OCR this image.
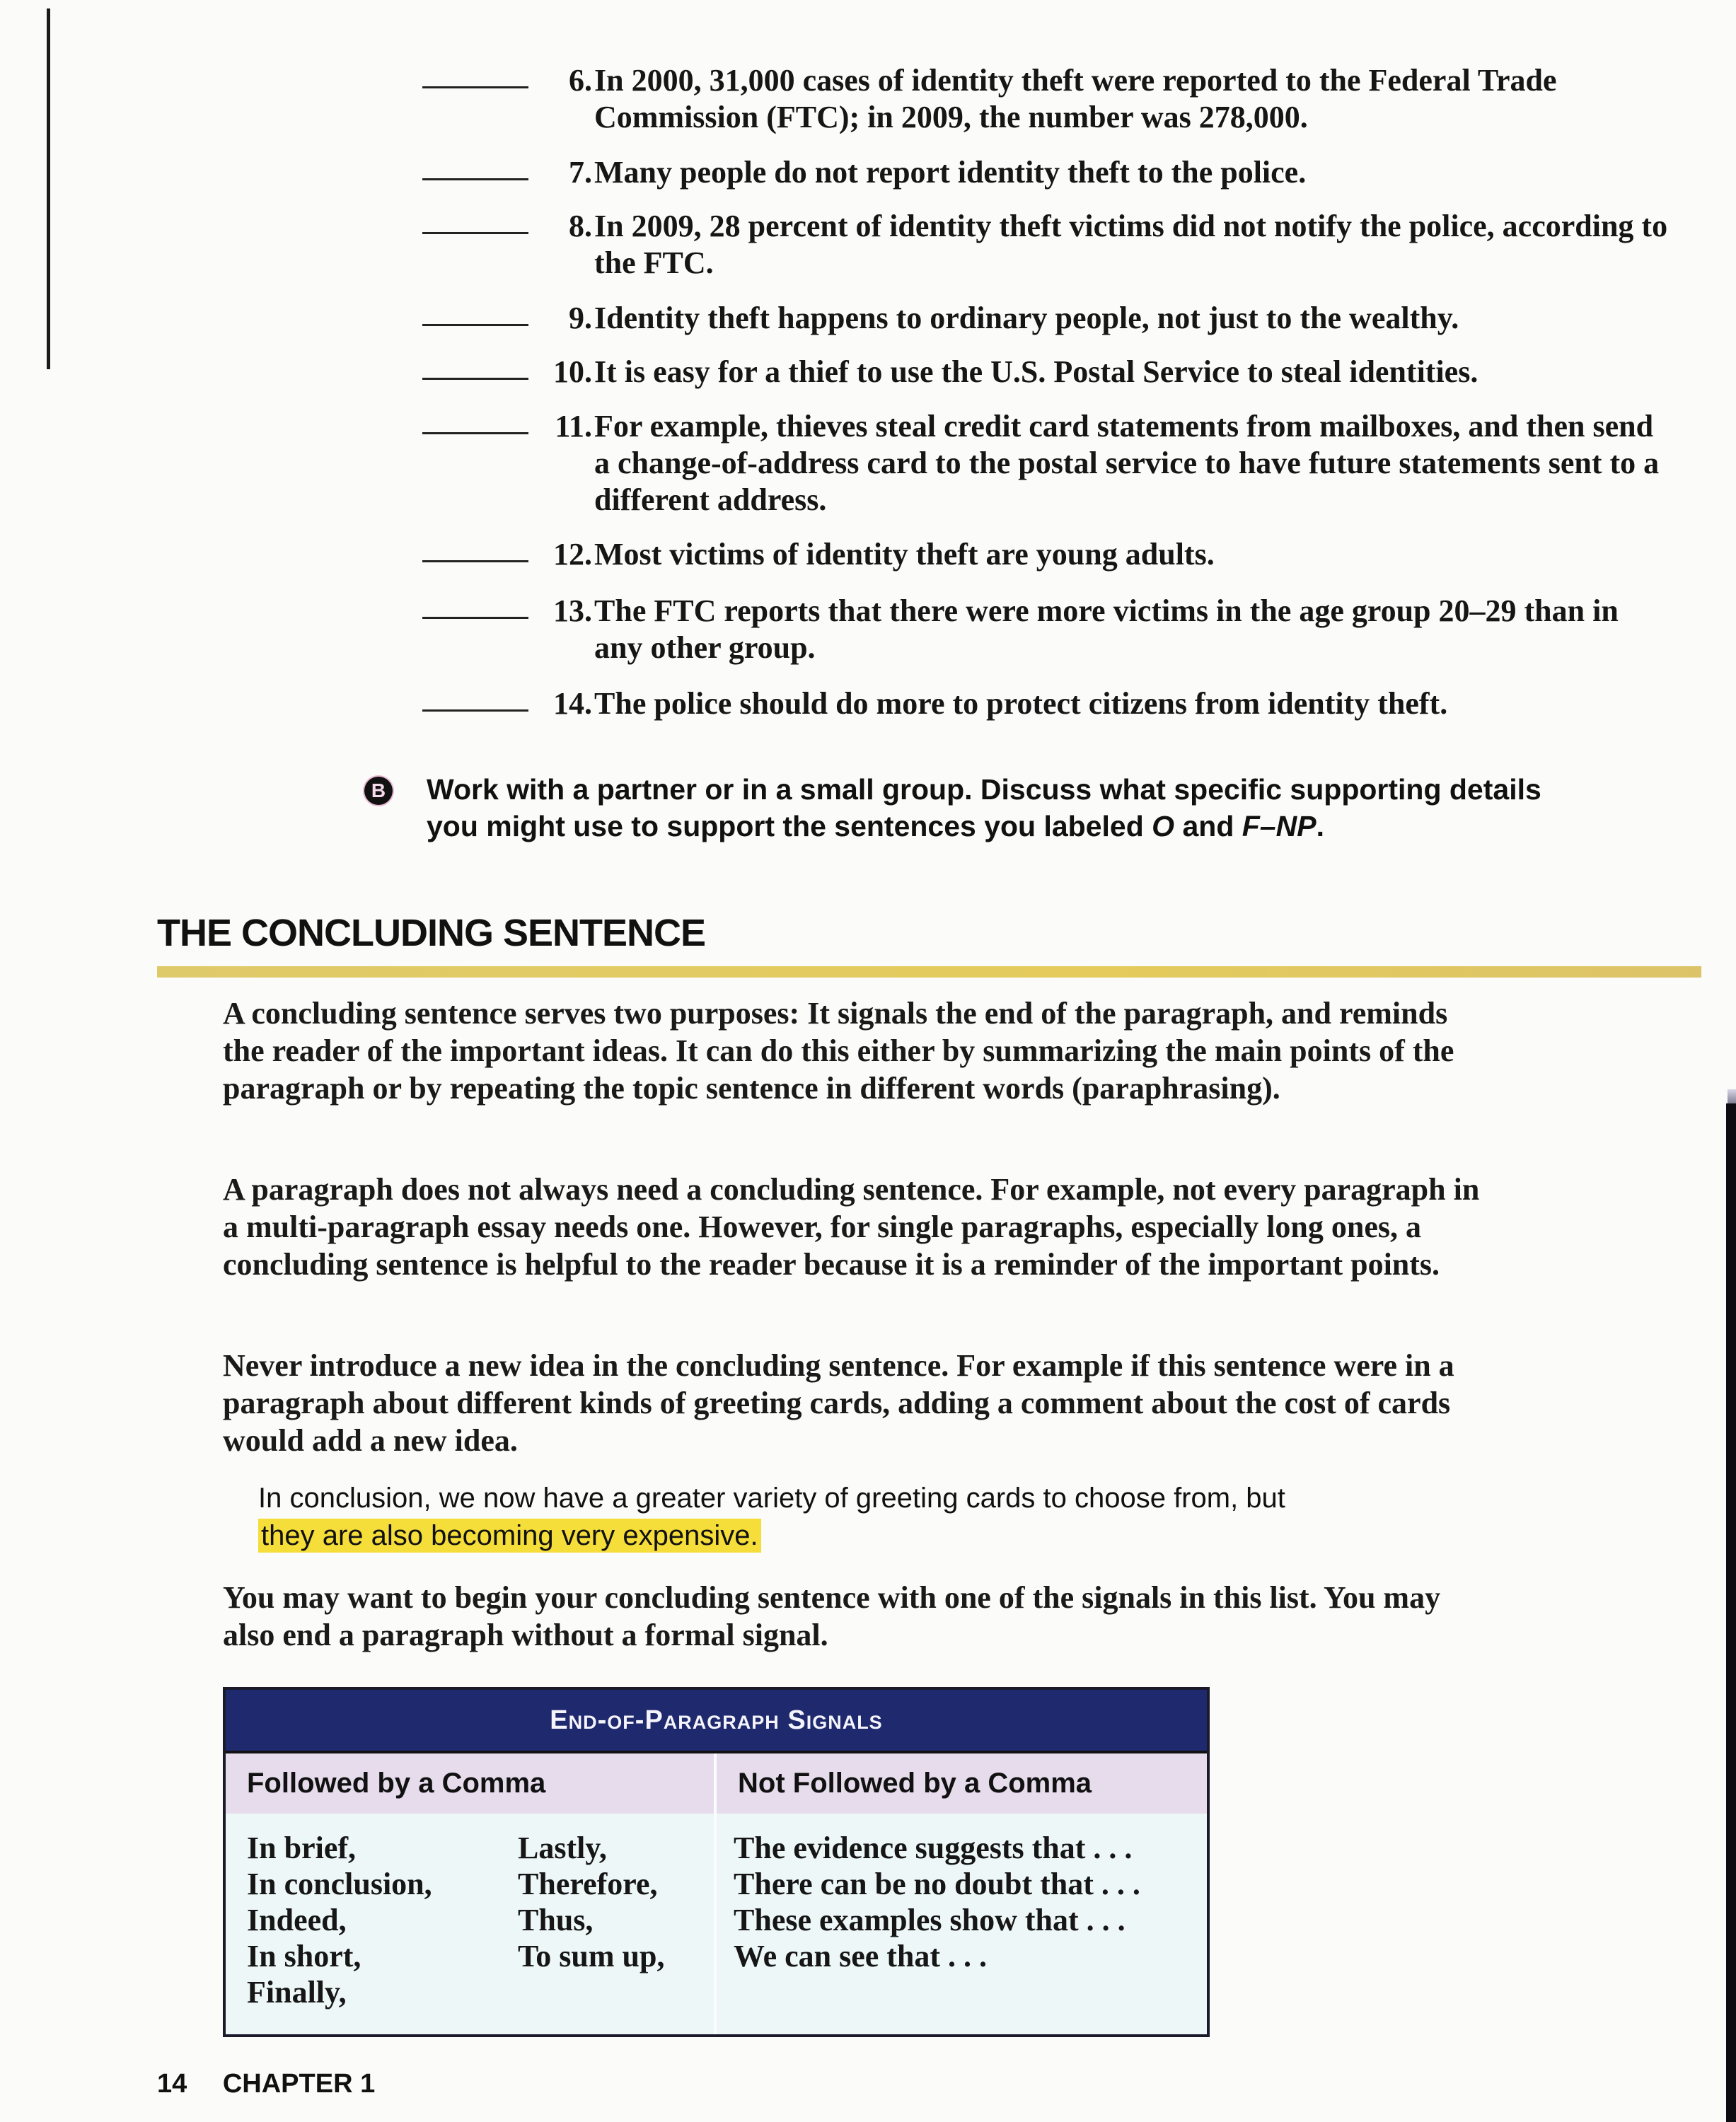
6. In 2000, 31,000 cases of identity theft were reported to the Federal Trade Commission (FTC); in 2009, the number was 278,000.
7. Many people do not report identity theft to the police.
8. In 2009, 28 percent of identity theft victims did not notify the police, according to the FTC.
9. Identity theft happens to ordinary people, not just to the wealthy.
10. It is easy for a thief to use the U.S. Postal Service to steal identities.
11. For example, thieves steal credit card statements from mailboxes, and then send a change-of-address card to the postal service to have future statements sent to a different address.
12. Most victims of identity theft are young adults.
13. The FTC reports that there were more victims in the age group 20–29 than in any other group.
14. The police should do more to protect citizens from identity theft.
B Work with a partner or in a small group. Discuss what specific supporting details you might use to support the sentences you labeled O and F–NP.
THE CONCLUDING SENTENCE
A concluding sentence serves two purposes: It signals the end of the paragraph, and reminds the reader of the important ideas. It can do this either by summarizing the main points of the paragraph or by repeating the topic sentence in different words (paraphrasing).
A paragraph does not always need a concluding sentence. For example, not every paragraph in a multi-paragraph essay needs one. However, for single paragraphs, especially long ones, a concluding sentence is helpful to the reader because it is a reminder of the important points.
Never introduce a new idea in the concluding sentence. For example if this sentence were in a paragraph about different kinds of greeting cards, adding a comment about the cost of cards would add a new idea.
In conclusion, we now have a greater variety of greeting cards to choose from, but they are also becoming very expensive.
You may want to begin your concluding sentence with one of the signals in this list. You may also end a paragraph without a formal signal.
End-of-Paragraph Signals
Followed by a Comma	Not Followed by a Comma
In brief,
In conclusion,
Indeed,
In short,
Finally,
Lastly,
Therefore,
Thus,
To sum up,
The evidence suggests that . . .
There can be no doubt that . . .
These examples show that . . .
We can see that . . .
14 CHAPTER 1
